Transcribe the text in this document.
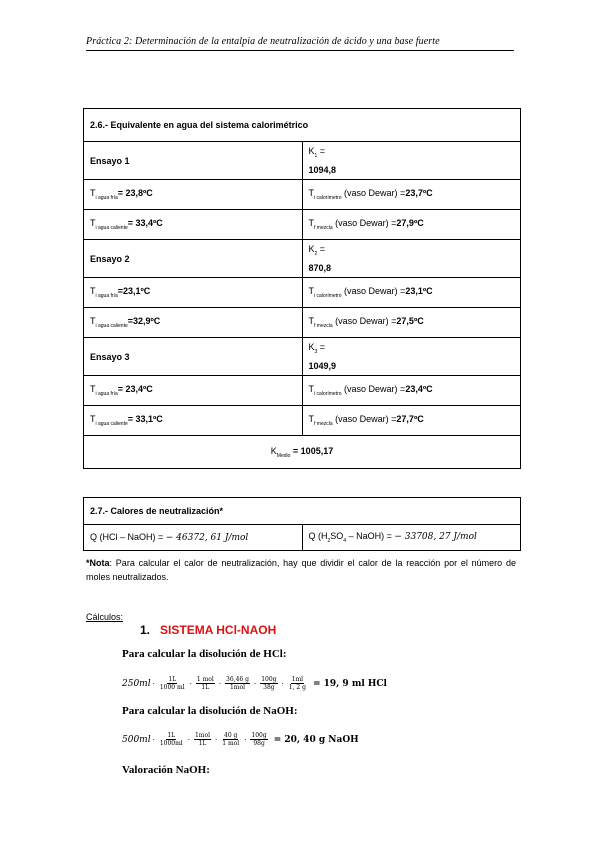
Práctica 2: Determinación de la entalpia de neutralización de ácido y una base fuerte
2.6.- Equivalente en agua del sistema calorimétrico	
Ensayo 1	$K_1$ =
1094,8

$T_{i agua fría}=$ 23,8ºC	$T_{i calorímetro}$ (vaso Dewar) =23,7ºC
$T_{i agua caliente}=$ 33,4ºC	$T_{f mezcla}$ (vaso Dewar) =27,9ºC
Ensayo 2	$K_2$ =
870,8

$T_{i agua fría}=23,1ºC$	$T_{i calorímetro}$ (vaso Dewar) =23,1ºC
$T_{i agua caliente}=32,9ºC$	$T_{f mezcla}$ (vaso Dewar) =27,5ºC
Ensayo 3	$K_3$ =
1049,9

$T_{i agua fría}=$ 23,4ºC	$T_{i calorímetro}$ (vaso Dewar) =23,4ºC
$T_{i agua caliente}=$ 33,1ºC	$T_{f mezcla}$ (vaso Dewar) =27,7ºC
$K_{Medio} = 1005,17$	
2.7.- Calores de neutralización*
Q (HCl – NaOH) = − 46372, 61 J/mol	Q ($H_2SO_4$ – NaOH) = − 33708, 27 J/mol
*Nota: Para calcular el calor de neutralización, hay que dividir el calor de la reacción por el número de moles neutralizados.
Cálculos:
1. SISTEMA HCl-NAOH
Para calcular la disolución de HCl:
$250ml \cdot \frac{1L}{1000 ml} \cdot \frac{\text{1 mol}}{1L} \cdot \frac{36,46 g}{\text{1mol}} \cdot \frac{100g}{38g} \cdot \frac{1ml}{1, 2 g} = 19$, 9 ml HCl
Para calcular la disolución de NaOH:
$500ml \cdot \frac{1L}{1000ml} \cdot \frac{\text{1mol}}{1L} \cdot \frac{40 g}{\text{1 mol}} \cdot \frac{100g}{98g} = 20$, 40 g NaOH
Valoración NaOH:
